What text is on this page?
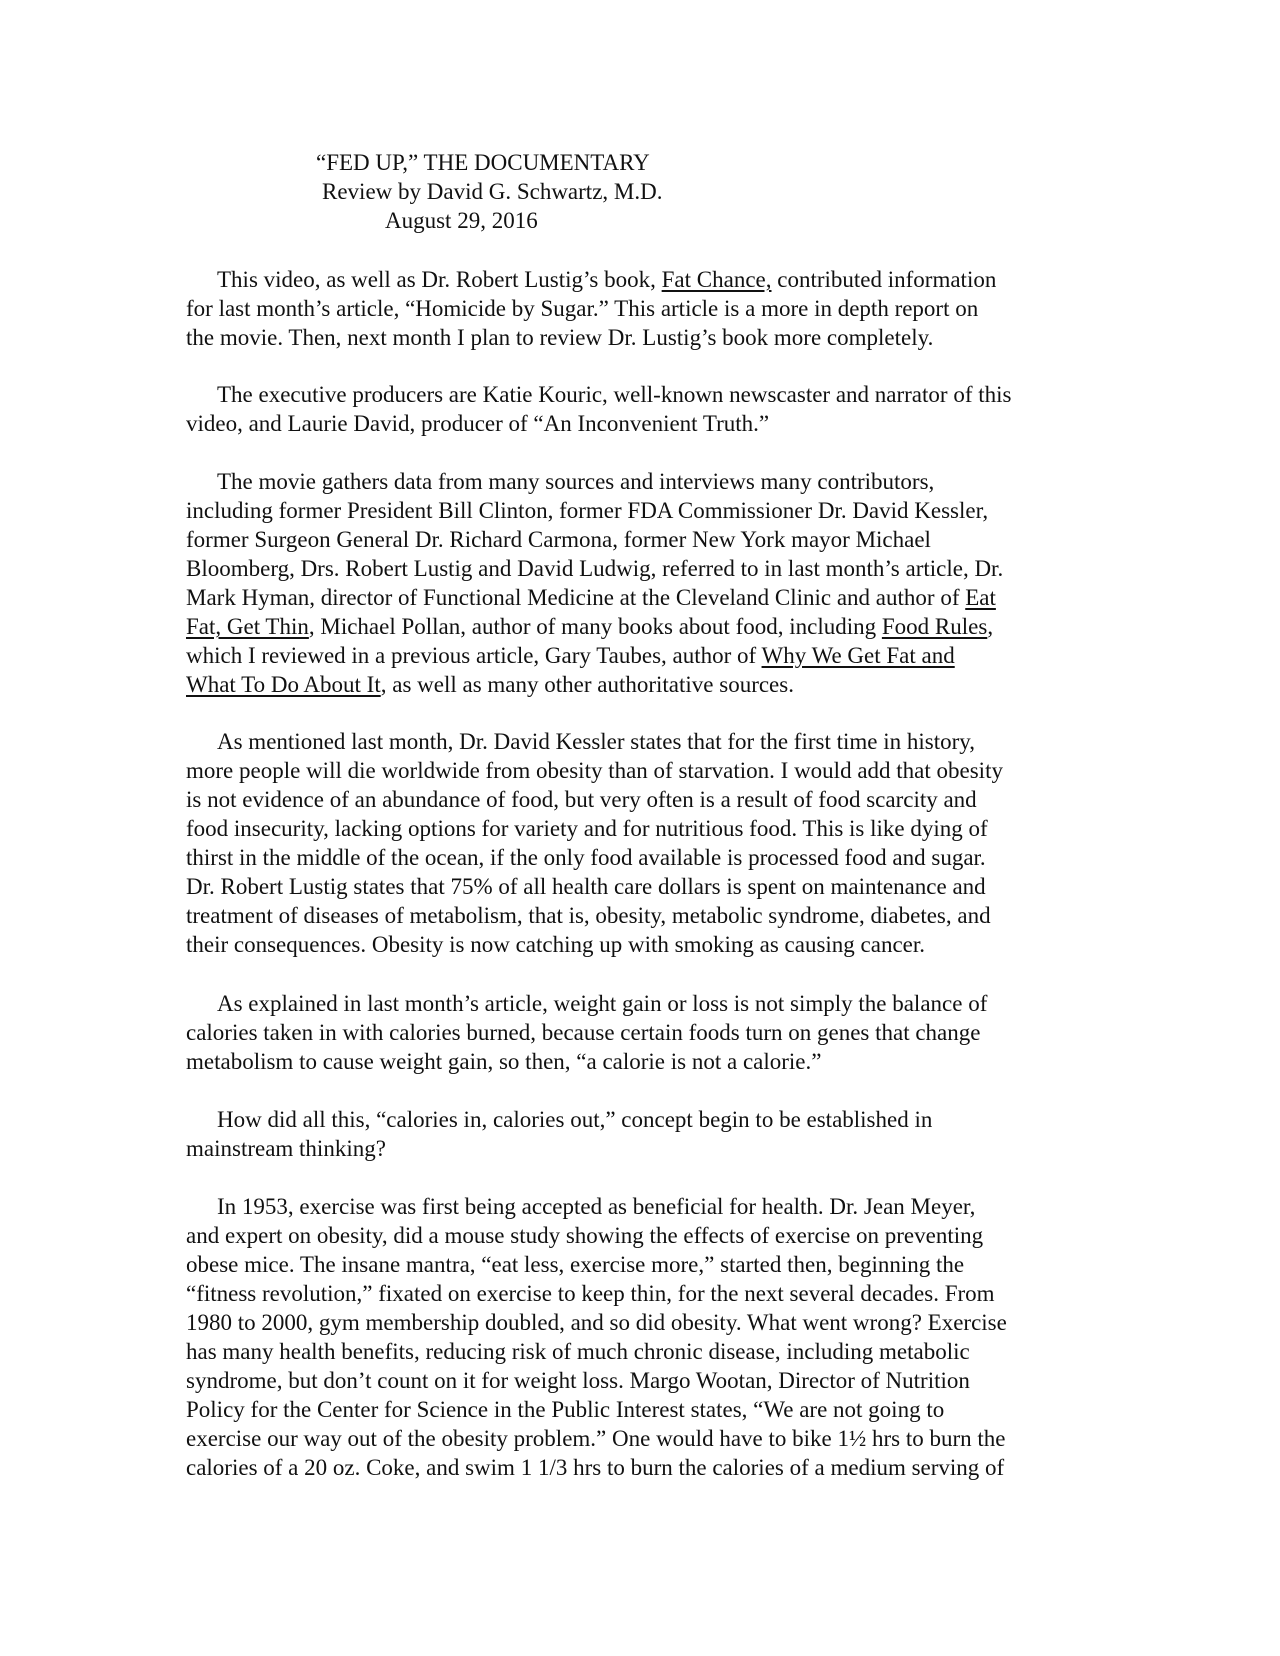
“FED UP,” THE DOCUMENTARY
Review by David G. Schwartz, M.D.
August 29, 2016
This video, as well as Dr. Robert Lustig’s book, Fat Chance, contributed information
for last month’s article, “Homicide by Sugar.” This article is a more in depth report on
the movie. Then, next month I plan to review Dr. Lustig’s book more completely.
The executive producers are Katie Kouric, well-known newscaster and narrator of this
video, and Laurie David, producer of “An Inconvenient Truth.”
The movie gathers data from many sources and interviews many contributors,
including former President Bill Clinton, former FDA Commissioner Dr. David Kessler,
former Surgeon General Dr. Richard Carmona, former New York mayor Michael
Bloomberg, Drs. Robert Lustig and David Ludwig, referred to in last month’s article, Dr.
Mark Hyman, director of Functional Medicine at the Cleveland Clinic and author of Eat
Fat, Get Thin, Michael Pollan, author of many books about food, including Food Rules,
which I reviewed in a previous article, Gary Taubes, author of Why We Get Fat and
What To Do About It, as well as many other authoritative sources.
As mentioned last month, Dr. David Kessler states that for the first time in history,
more people will die worldwide from obesity than of starvation. I would add that obesity
is not evidence of an abundance of food, but very often is a result of food scarcity and
food insecurity, lacking options for variety and for nutritious food. This is like dying of
thirst in the middle of the ocean, if the only food available is processed food and sugar.
Dr. Robert Lustig states that 75% of all health care dollars is spent on maintenance and
treatment of diseases of metabolism, that is, obesity, metabolic syndrome, diabetes, and
their consequences. Obesity is now catching up with smoking as causing cancer.
As explained in last month’s article, weight gain or loss is not simply the balance of
calories taken in with calories burned, because certain foods turn on genes that change
metabolism to cause weight gain, so then, “a calorie is not a calorie.”
How did all this, “calories in, calories out,” concept begin to be established in
mainstream thinking?
In 1953, exercise was first being accepted as beneficial for health. Dr. Jean Meyer,
and expert on obesity, did a mouse study showing the effects of exercise on preventing
obese mice. The insane mantra, “eat less, exercise more,” started then, beginning the
“fitness revolution,” fixated on exercise to keep thin, for the next several decades. From
1980 to 2000, gym membership doubled, and so did obesity. What went wrong? Exercise
has many health benefits, reducing risk of much chronic disease, including metabolic
syndrome, but don’t count on it for weight loss. Margo Wootan, Director of Nutrition
Policy for the Center for Science in the Public Interest states, “We are not going to
exercise our way out of the obesity problem.” One would have to bike 1½ hrs to burn the
calories of a 20 oz. Coke, and swim 1 1/3 hrs to burn the calories of a medium serving of
